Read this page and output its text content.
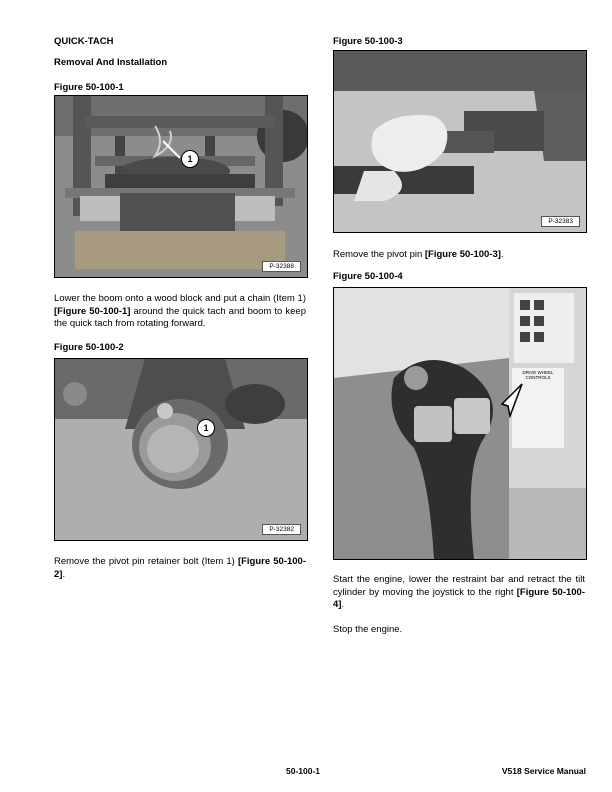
QUICK-TACH
Removal And Installation
Figure 50-100-1
1
P-32388
Lower the boom onto a wood block and put a chain (Item 1) [Figure 50-100-1] around the quick tach and boom to keep the quick tach from rotating forward.
Figure 50-100-2
1
P-32382
Remove the pivot pin retainer bolt (Item 1) [Figure 50-100-2].
Figure 50-100-3
P-32383
Remove the pivot pin [Figure 50-100-3].
Figure 50-100-4
DRIVE WHEEL CONTROLS
Start the engine, lower the restraint bar and retract the tilt cylinder by moving the joystick to the right [Figure 50-100-4].
Stop the engine.
50-100-1	V518 Service Manual
